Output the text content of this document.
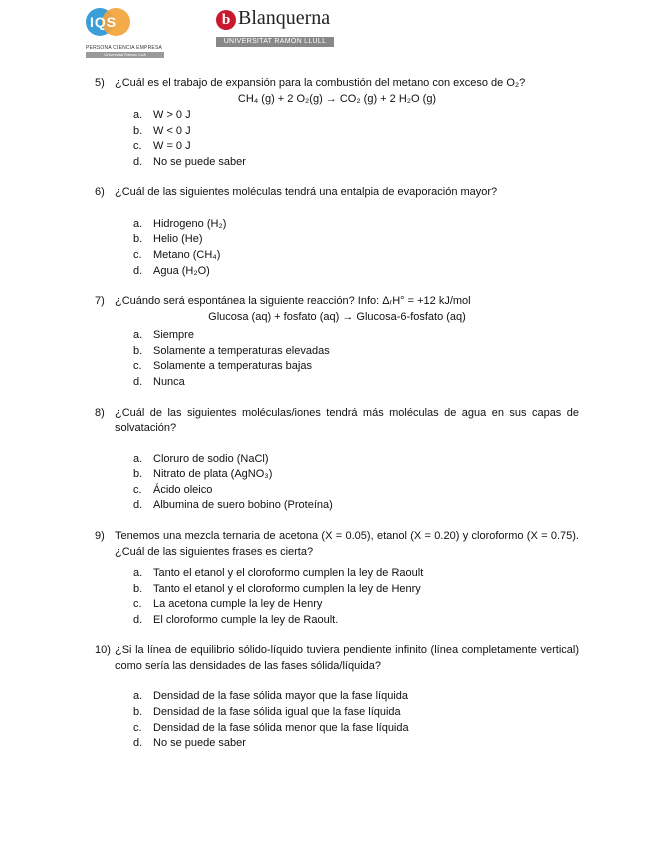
IQS
PERSONA CIENCIA EMPRESA
Universitat Ramon Llull
b Blanquerna
UNIVERSITAT RAMON LLULL
5) ¿Cuál es el trabajo de expansión para la combustión del metano con exceso de O₂?
CH₄ (g) + 2 O₂(g) → CO₂ (g) + 2 H₂O (g)
a. W > 0 J
b. W < 0 J
c.	W = 0 J
d. No se puede saber
6) ¿Cuál de las siguientes moléculas tendrá una entalpia de evaporación mayor?
a. Hidrogeno (H₂)
b. Helio (He)
c.	Metano (CH₄)
d. Agua (H₂O)
7) ¿Cuándo será espontánea la siguiente reacción? Info: ΔᵣH° = +12 kJ/mol
Glucosa (aq) + fosfato (aq) → Glucosa-6-fosfato (aq)
a. Siempre
b. Solamente a temperaturas elevadas
c.	Solamente a temperaturas bajas
d. Nunca
8) ¿Cuál de las siguientes moléculas/iones tendrá más moléculas de agua en sus capas de solvatación?
a. Cloruro de sodio (NaCl)
b. Nitrato de plata (AgNO₃)
c.	Ácido oleico
d. Albumina de suero bobino (Proteína)
9) Tenemos una mezcla ternaria de acetona (X = 0.05), etanol (X = 0.20) y cloroformo (X = 0.75). ¿Cuál de las siguientes frases es cierta?
a. Tanto el etanol y el cloroformo cumplen la ley de Raoult
b. Tanto el etanol y el cloroformo cumplen la ley de Henry
c.	La acetona cumple la ley de Henry
d. El cloroformo cumple la ley de Raoult.
10) ¿Si la línea de equilibrio sólido-líquido tuviera pendiente infinito (línea completamente vertical) como sería las densidades de las fases sólida/líquida?
a. Densidad de la fase sólida mayor que la fase líquida
b. Densidad de la fase sólida igual que la fase líquida
c.	Densidad de la fase sólida menor que la fase líquida
d. No se puede saber
